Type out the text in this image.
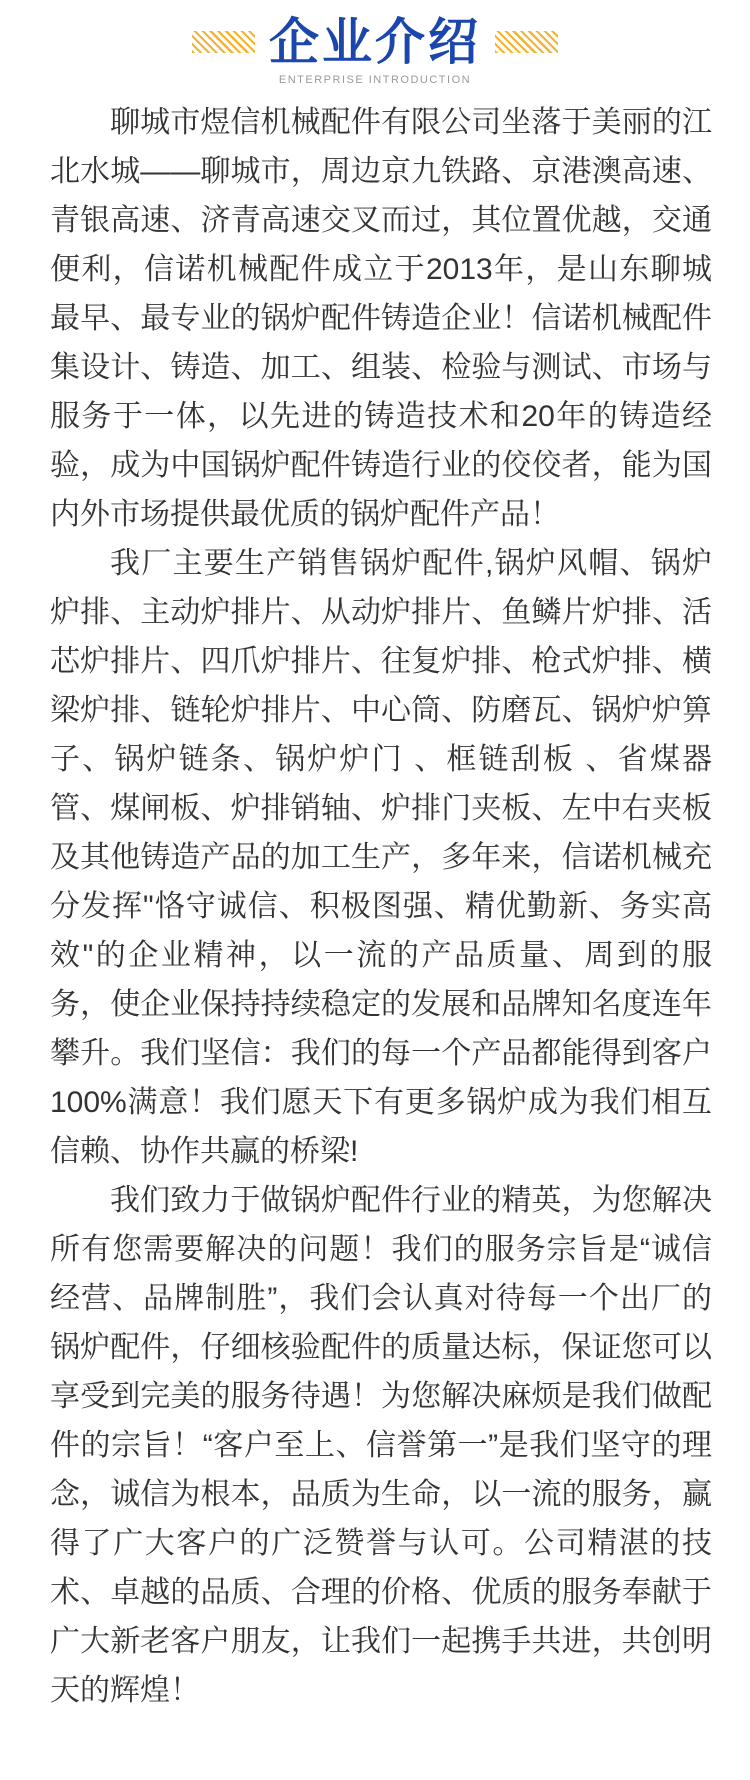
企业介绍
ENTERPRISE INTRODUCTION

聊城市煜信机械配件有限公司坐落于美丽的江北水城——聊城市，周边京九铁路、京港澳高速、青银高速、济青高速交叉而过，其位置优越，交通便利，信诺机械配件成立于2013年，是山东聊城最早、最专业的锅炉配件铸造企业！信诺机械配件集设计、铸造、加工、组装、检验与测试、市场与服务于一体，以先进的铸造技术和20年的铸造经验，成为中国锅炉配件铸造行业的佼佼者，能为国内外市场提供最优质的锅炉配件产品！

我厂主要生产销售锅炉配件,锅炉风帽、锅炉炉排、主动炉排片、从动炉排片、鱼鳞片炉排、活芯炉排片、四爪炉排片、往复炉排、枪式炉排、横梁炉排、链轮炉排片、中心筒、防磨瓦、锅炉炉箅子、锅炉链条、锅炉炉门 、框链刮板 、省煤器管、煤闸板、炉排销轴、炉排门夹板、左中右夹板及其他铸造产品的加工生产，多年来，信诺机械充分发挥"恪守诚信、积极图强、精优勤新、务实高效"的企业精神，以一流的产品质量、周到的服务，使企业保持持续稳定的发展和品牌知名度连年攀升。我们坚信：我们的每一个产品都能得到客户100%满意！我们愿天下有更多锅炉成为我们相互信赖、协作共赢的桥梁!

我们致力于做锅炉配件行业的精英，为您解决所有您需要解决的问题！我们的服务宗旨是“诚信经营、品牌制胜”，我们会认真对待每一个出厂的锅炉配件，仔细核验配件的质量达标，保证您可以享受到完美的服务待遇！为您解决麻烦是我们做配件的宗旨！“客户至上、信誉第一”是我们坚守的理念，诚信为根本，品质为生命，以一流的服务，赢得了广大客户的广泛赞誉与认可。公司精湛的技术、卓越的品质、合理的价格、优质的服务奉献于广大新老客户朋友，让我们一起携手共进，共创明天的辉煌！
